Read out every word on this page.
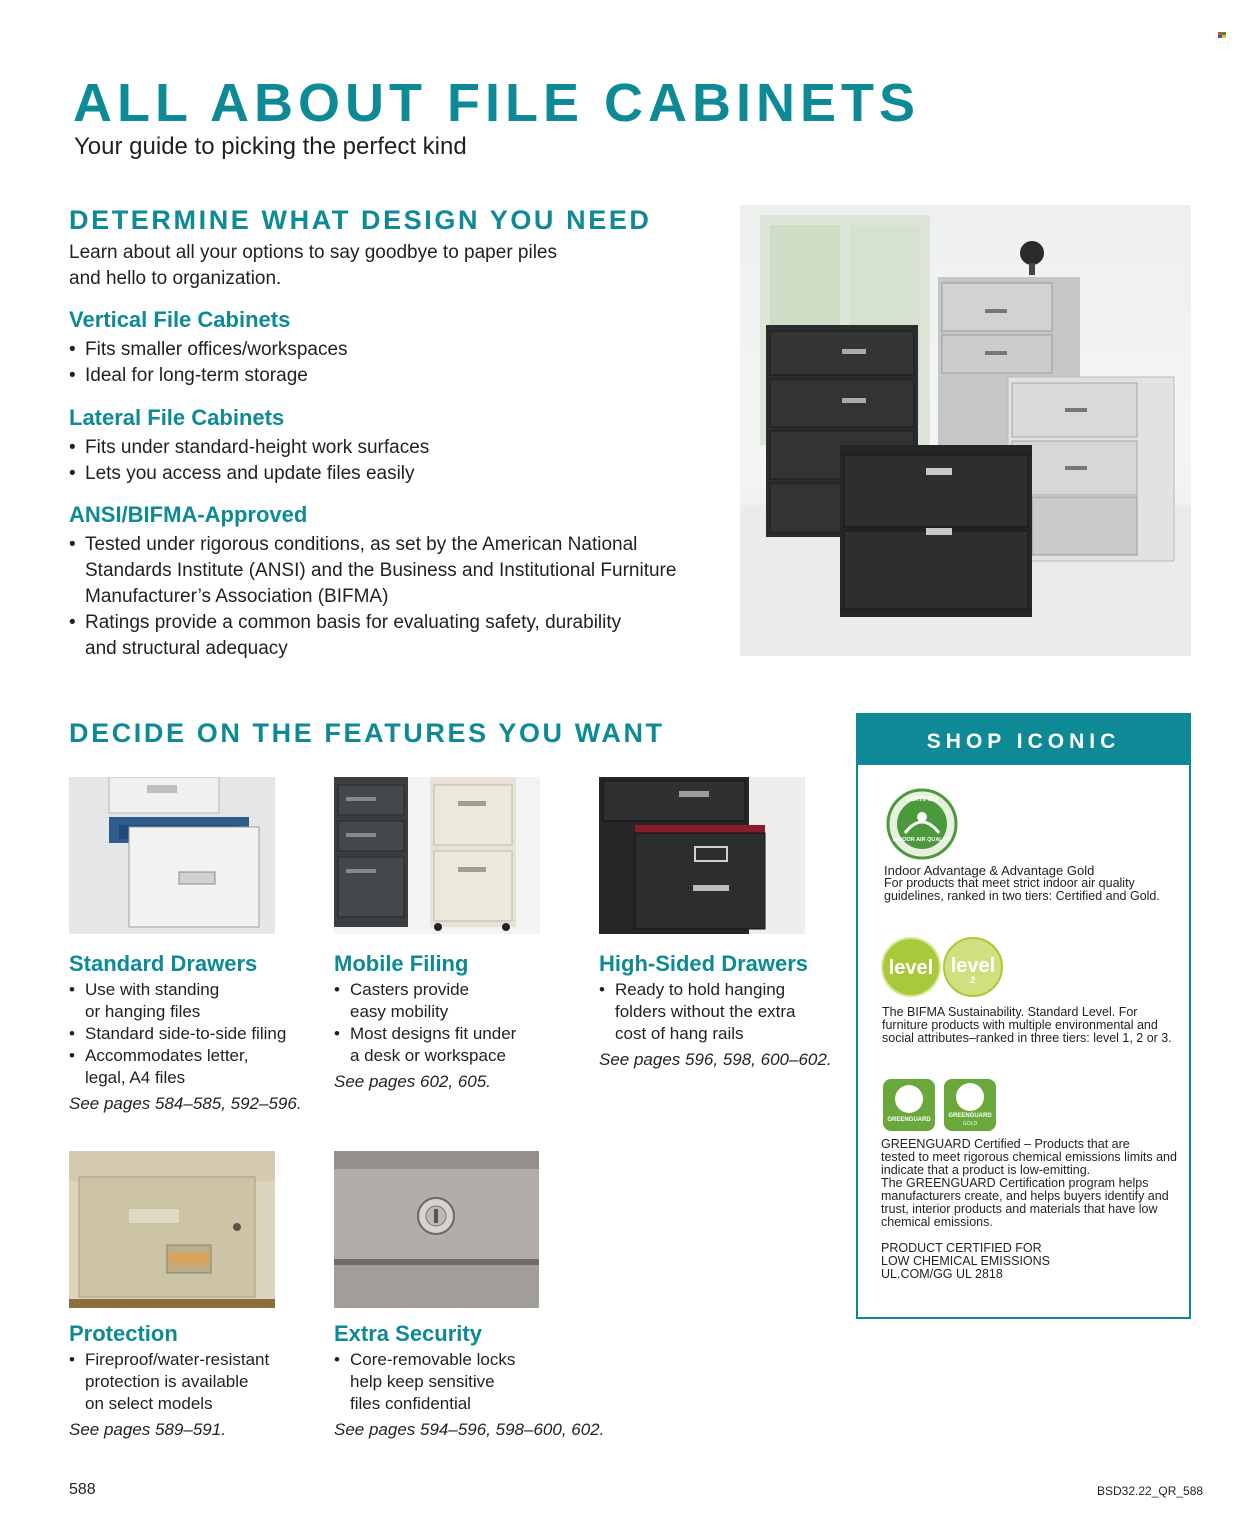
ALL ABOUT FILE CABINETS
Your guide to picking the perfect kind
DETERMINE WHAT DESIGN YOU NEED
Learn about all your options to say goodbye to paper piles
and hello to organization.
Vertical File Cabinets
• Fits smaller offices/workspaces
• Ideal for long-term storage
Lateral File Cabinets
• Fits under standard-height work surfaces
• Lets you access and update files easily
ANSI/BIFMA-Approved
• Tested under rigorous conditions, as set by the American National
Standards Institute (ANSI) and the Business and Institutional Furniture
Manufacturer’s Association (BIFMA)
• Ratings provide a common basis for evaluating safety, durability
and structural adequacy
DECIDE ON THE FEATURES YOU WANT
Standard Drawers
• Use with standing
or hanging files
• Standard side-to-side filing
• Accommodates letter,
legal, A4 files
See pages 584–585, 592–596.
Mobile Filing
• Casters provide
easy mobility
• Most designs fit under
a desk or workspace
See pages 602, 605.
High-Sided Drawers
• Ready to hold hanging
folders without the extra
cost of hang rails
See pages 596, 598, 600–602.
Protection
• Fireproof/water-resistant
protection is available
on select models
See pages 589–591.
Extra Security
• Core-removable locks
help keep sensitive
files confidential
See pages 594–596, 598–600, 602.
SHOP ICONIC
CERTIFIED
INDOOR AIR QUALITY
Indoor Advantage & Advantage Gold
For products that meet strict indoor air quality
guidelines, ranked in two tiers: Certified and Gold.
level level
2
The BIFMA Sustainability. Standard Level. For
furniture products with multiple environmental and
social attributes–ranked in three tiers: level 1, 2 or 3.
GREENGUARD
GREENGUARD
GOLD
GREENGUARD Certified – Products that are
tested to meet rigorous chemical emissions limits and
indicate that a product is low-emitting.
The GREENGUARD Certification program helps
manufacturers create, and helps buyers identify and
trust, interior products and materials that have low
chemical emissions.
PRODUCT CERTIFIED FOR
LOW CHEMICAL EMISSIONS
UL.COM/GG UL 2818
588	BSD32.22_QR_588
